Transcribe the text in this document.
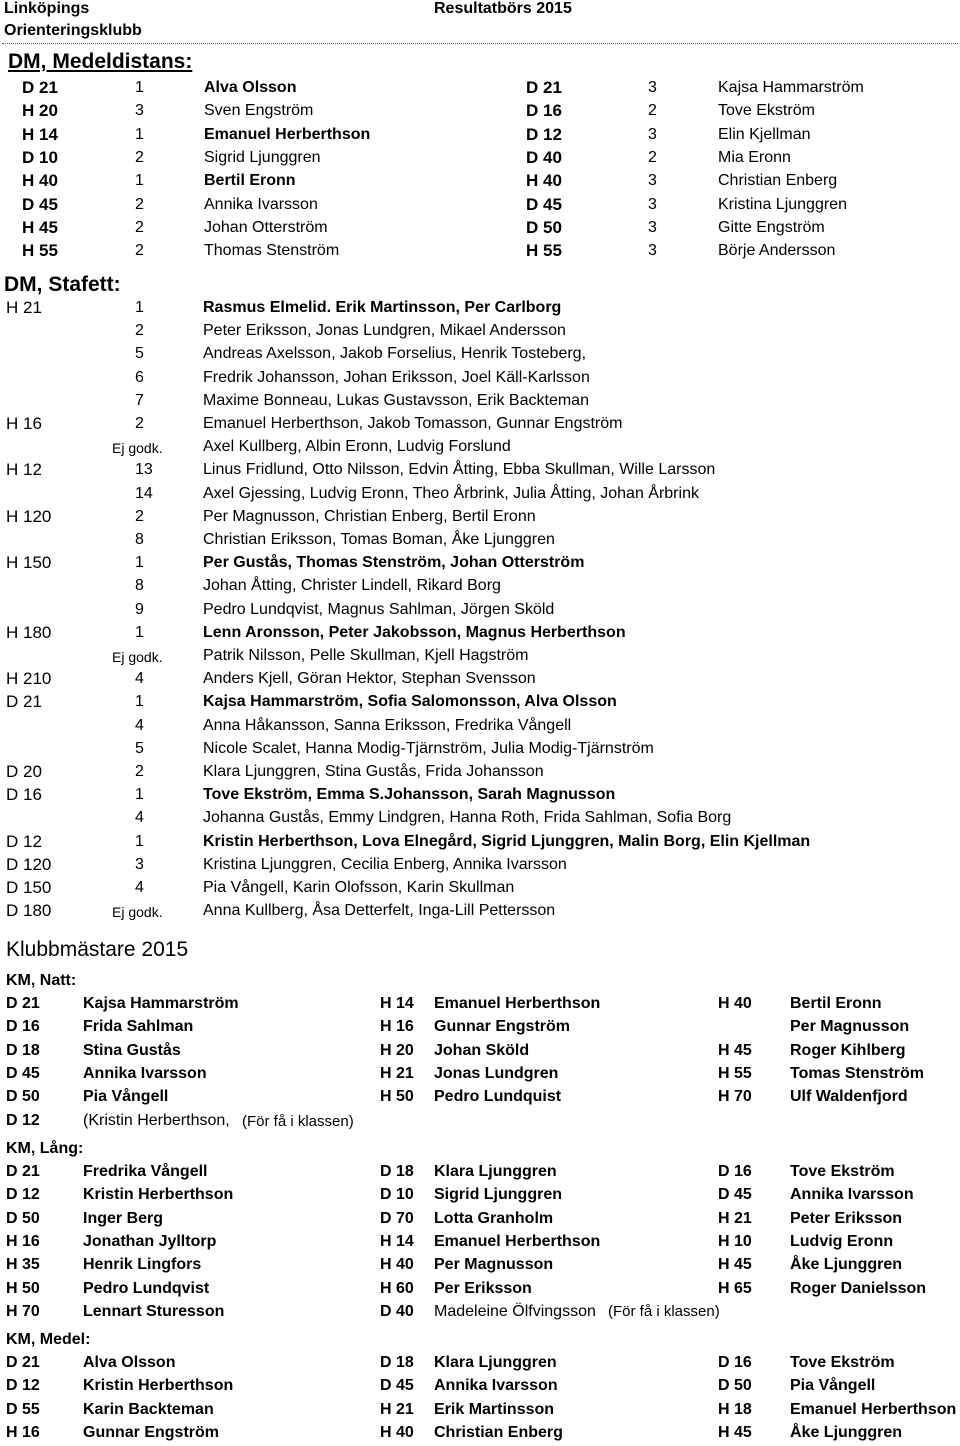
Linköpings
Orienteringsklubb
Resultatbörs 2015
DM, Medeldistans:
D 21	1	Alva Olsson
H 20	3	Sven Engström
H 14	1	Emanuel Herberthson
D 10	2	Sigrid Ljunggren
H 40	1	Bertil Eronn
D 45	2	Annika Ivarsson
H 45	2	Johan Otterström
H 55	2	Thomas Stenström
D 21	3	Kajsa Hammarström
D 16	2	Tove Ekström
D 12	3	Elin Kjellman
D 40	2	Mia Eronn
H 40	3	Christian Enberg
D 45	3	Kristina Ljunggren
D 50	3	Gitte Engström
H 55	3	Börje Andersson
DM, Stafett:
H 21	1	Rasmus Elmelid. Erik Martinsson, Per Carlborg
2	Peter Eriksson, Jonas Lundgren, Mikael Andersson
5	Andreas Axelsson, Jakob Forselius, Henrik Tosteberg,
6	Fredrik Johansson, Johan Eriksson, Joel Käll-Karlsson
7	Maxime Bonneau, Lukas Gustavsson, Erik Backteman
H 16	2	Emanuel Herberthson, Jakob Tomasson, Gunnar Engström
Ej godk.	Axel Kullberg, Albin Eronn, Ludvig Forslund
H 12	13	Linus Fridlund, Otto Nilsson, Edvin Åtting, Ebba Skullman, Wille Larsson
14	Axel Gjessing, Ludvig Eronn, Theo Årbrink, Julia Åtting, Johan Årbrink
H 120	2	Per Magnusson, Christian Enberg, Bertil Eronn
8	Christian Eriksson, Tomas Boman, Åke Ljunggren
H 150	1	Per Gustås, Thomas Stenström, Johan Otterström
8	Johan Åtting, Christer Lindell, Rikard Borg
9	Pedro Lundqvist, Magnus Sahlman, Jörgen Sköld
H 180	1	Lenn Aronsson, Peter Jakobsson, Magnus Herberthson
Ej godk.	Patrik Nilsson, Pelle Skullman, Kjell Hagström
H 210	4	Anders Kjell, Göran Hektor, Stephan Svensson
D 21	1	Kajsa Hammarström, Sofia Salomonsson, Alva Olsson
4	Anna Håkansson, Sanna Eriksson, Fredrika Vångell
5	Nicole Scalet, Hanna Modig-Tjärnström, Julia Modig-Tjärnström
D 20	2	Klara Ljunggren, Stina Gustås, Frida Johansson
D 16	1	Tove Ekström, Emma S.Johansson, Sarah Magnusson
4	Johanna Gustås, Emmy Lindgren, Hanna Roth, Frida Sahlman, Sofia Borg
D 12	1	Kristin Herberthson, Lova Elnegård, Sigrid Ljunggren, Malin Borg, Elin Kjellman
D 120	3	Kristina Ljunggren, Cecilia Enberg, Annika Ivarsson
D 150	4	Pia Vångell, Karin Olofsson, Karin Skullman
D 180	Ej godk.	Anna Kullberg, Åsa Detterfelt, Inga-Lill Pettersson
Klubbmästare 2015
KM, Natt:
D 21	Kajsa Hammarström	H 14 Emanuel Herberthson	H 40 Bertil Eronn
D 16	Frida Sahlman	H 16 Gunnar Engström	Per Magnusson
D 18	Stina Gustås	H 20 Johan Sköld	H 45 Roger Kihlberg
D 45	Annika Ivarsson	H 21 Jonas Lundgren	H 55 Tomas Stenström
D 50	Pia Vångell	H 50 Pedro Lundquist	H 70 Ulf Waldenfjord
D 12	(Kristin Herberthson, (För få i klassen)
KM, Lång:
D 21	Fredrika Vångell	D 18 Klara Ljunggren	D 16 Tove Ekström
D 12	Kristin Herberthson	D 10 Sigrid Ljunggren	D 45 Annika Ivarsson
D 50	Inger Berg	D 70 Lotta Granholm	H 21 Peter Eriksson
H 16	Jonathan Jylltorp	H 14 Emanuel Herberthson	H 10 Ludvig Eronn
H 35	Henrik Lingfors	H 40 Per Magnusson	H 45 Åke Ljunggren
H 50	Pedro Lundqvist	H 60 Per Eriksson	H 65 Roger Danielsson
H 70	Lennart Sturesson	D 40 Madeleine Ölfvingsson (För få i klassen)
KM, Medel:
D 21	Alva Olsson	D 18 Klara Ljunggren	D 16 Tove Ekström
D 12	Kristin Herberthson	D 45 Annika Ivarsson	D 50 Pia Vångell
D 55	Karin Backteman	H 21 Erik Martinsson	H 18 Emanuel Herberthson
H 16	Gunnar Engström	H 40 Christian Enberg	H 45 Åke Ljunggren
